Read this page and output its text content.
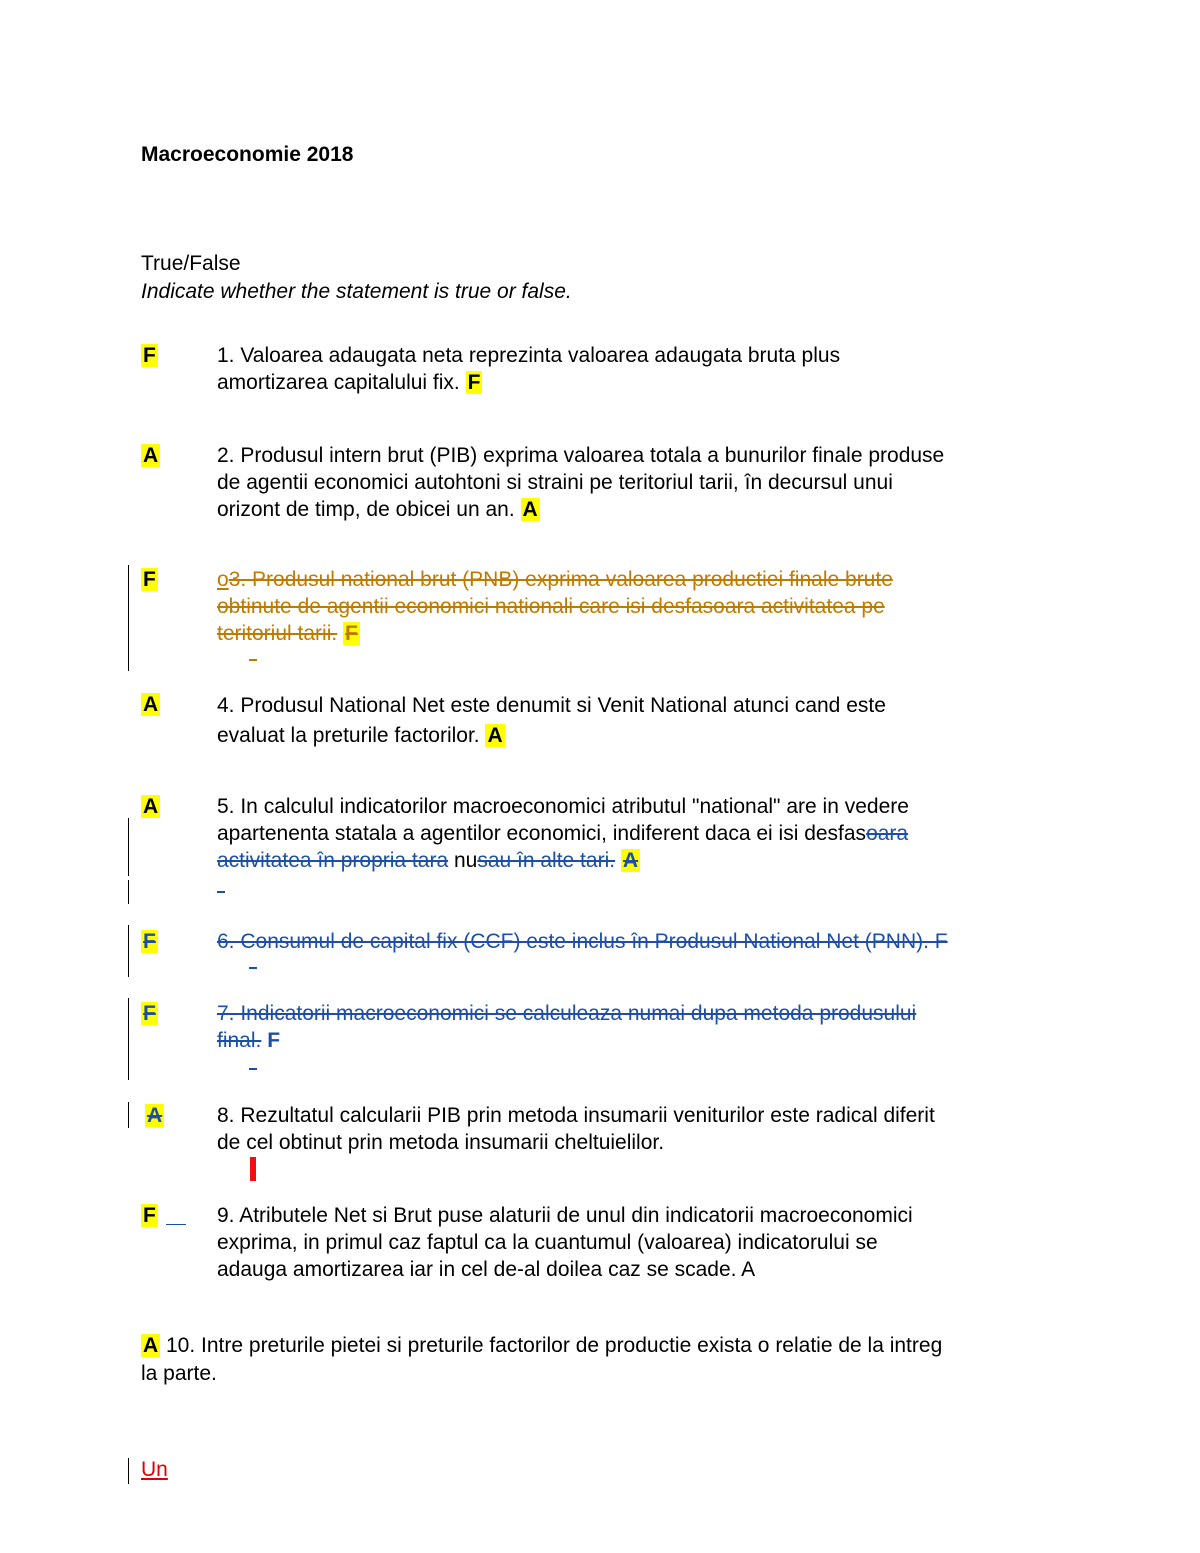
Macroeconomie 2018
True/False
Indicate whether the statement is true or false.
F	1. Valoarea adaugata neta reprezinta valoarea adaugata bruta plus
amortizarea capitalului fix. F
A	2. Produsul intern brut (PIB) exprima valoarea totala a bunurilor finale produse
de agentii economici autohtoni si straini pe teritoriul tarii, în decursul unui
orizont de timp, de obicei un an. A
F	o3. Produsul national brut (PNB) exprima valoarea productiei finale brute
obtinute de agentii economici nationali care isi desfasoara activitatea pe
teritoriul tarii. F
A	4. Produsul National Net este denumit si Venit National atunci cand este
evaluat la preturile factorilor. A
A	5. In calculul indicatorilor macroeconomici atributul "national" are in vedere
apartenenta statala a agentilor economici, indiferent daca ei isi desfasoara
activitatea în propria tara nusau în alte tari. A
F	6. Consumul de capital fix (CCF) este inclus în Produsul National Net (PNN). F
F	7. Indicatorii macroeconomici se calculeaza numai dupa metoda produsului
final. F
A	8. Rezultatul calcularii PIB prin metoda insumarii veniturilor este radical diferit
de cel obtinut prin metoda insumarii cheltuielilor.
F	9. Atributele Net si Brut puse alaturii de unul din indicatorii macroeconomici
exprima, in primul caz faptul ca la cuantumul (valoarea) indicatorului se
adauga amortizarea iar in cel de-al doilea caz se scade. A
A 10. Intre preturile pietei si preturile factorilor de productie exista o relatie de la intreg
la parte.
Un
